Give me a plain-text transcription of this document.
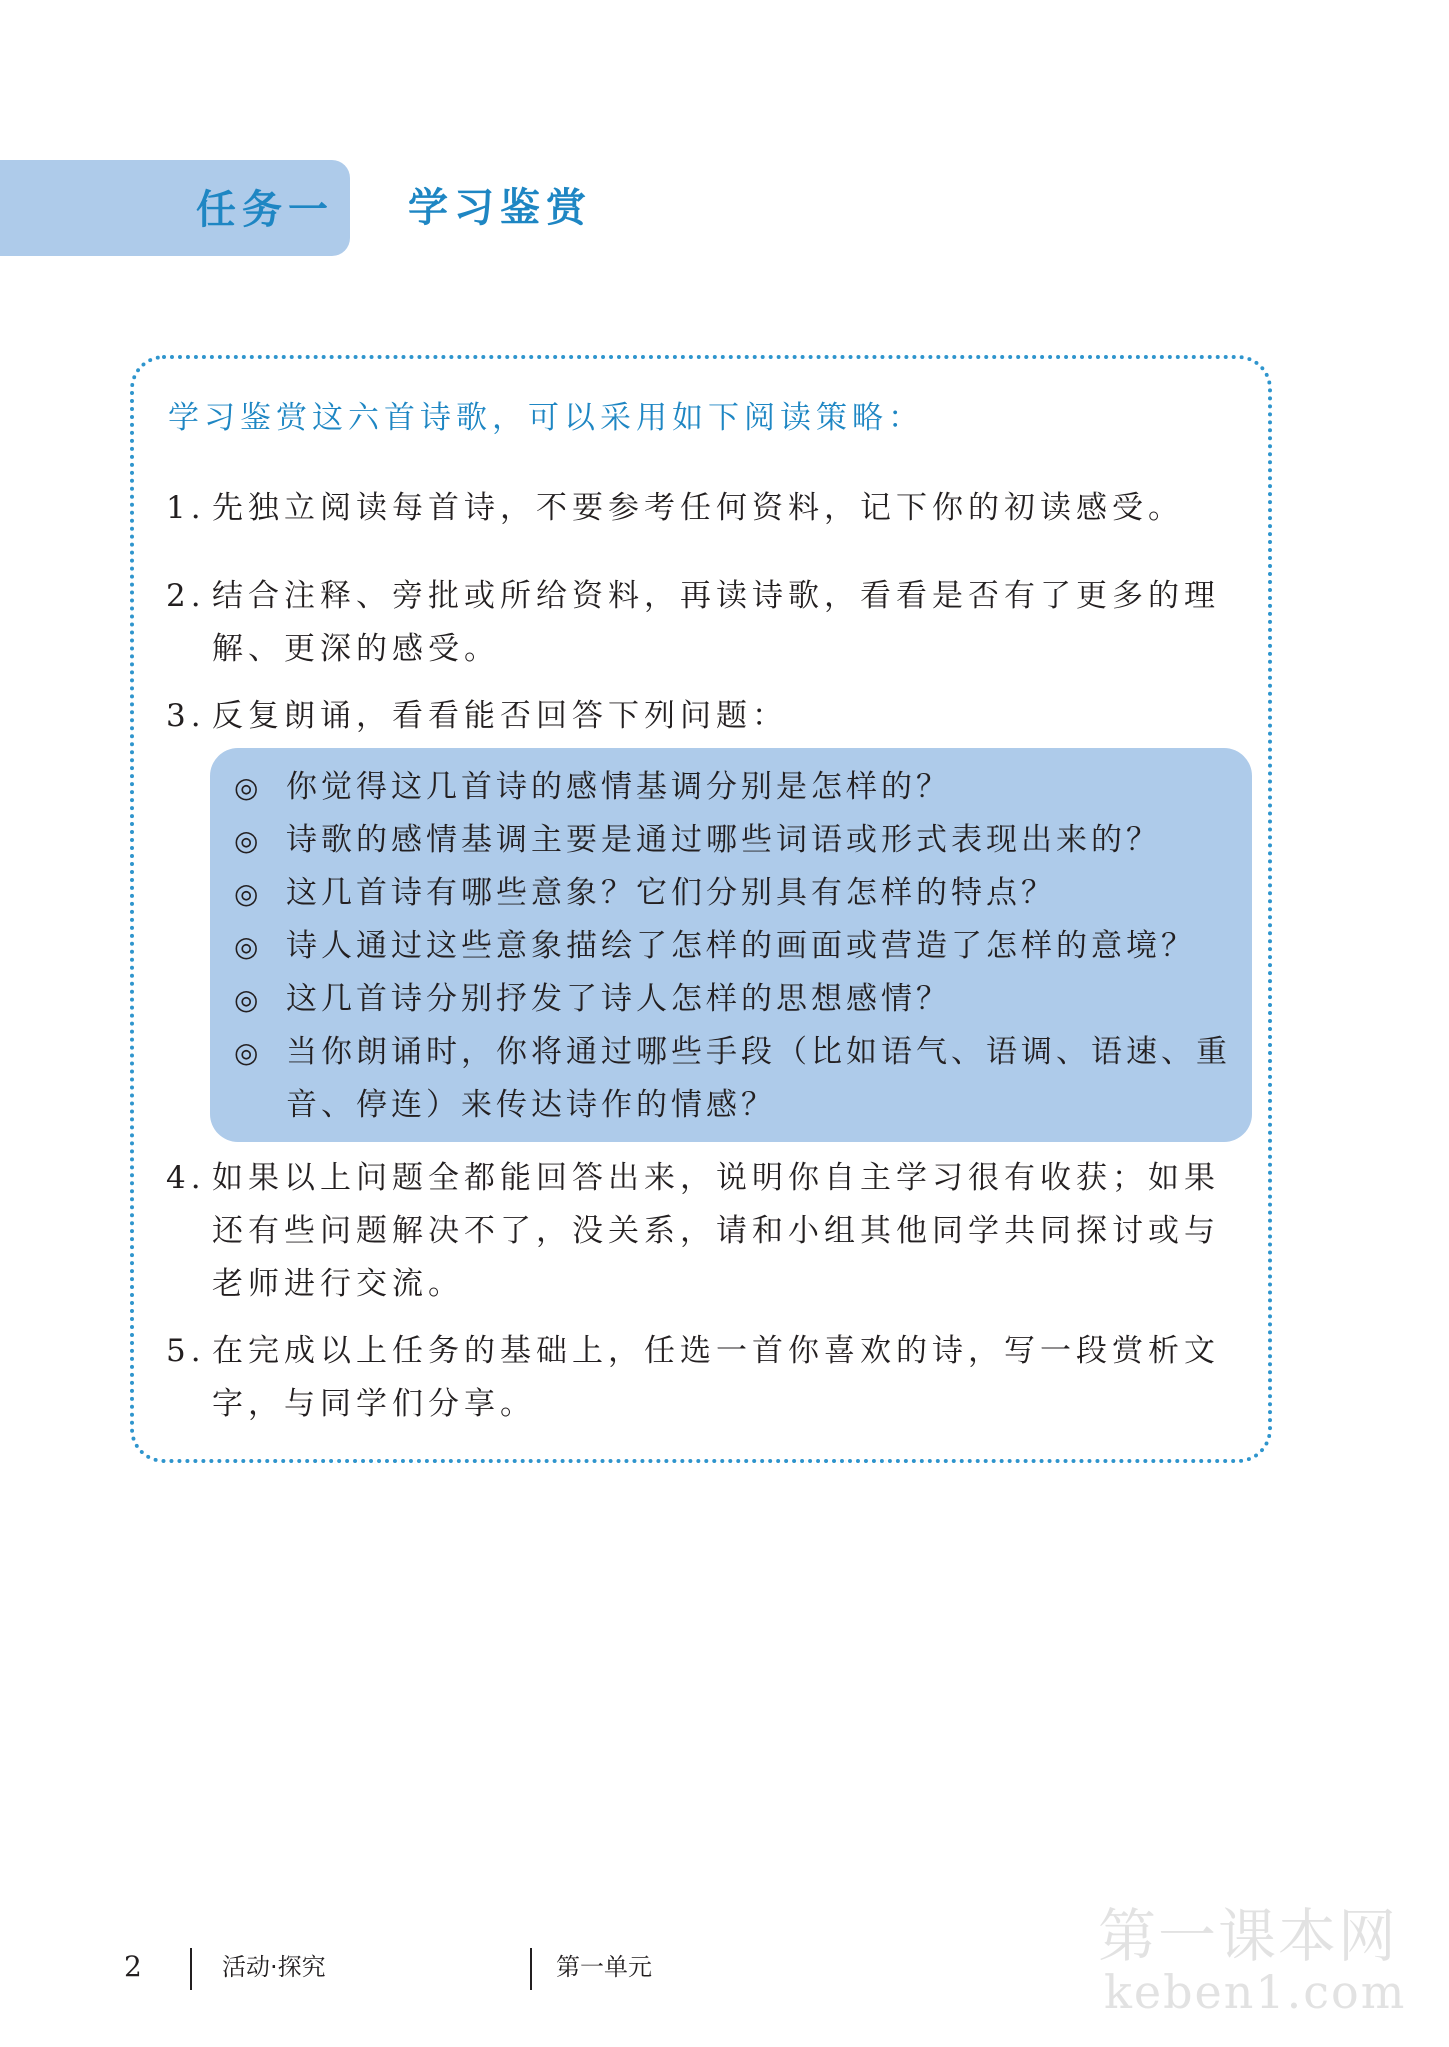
任务一 学习鉴赏
学习鉴赏这六首诗歌，可以采用如下阅读策略：
1. 先独立阅读每首诗，不要参考任何资料，记下你的初读感受。
2. 结合注释、旁批或所给资料，再读诗歌，看看是否有了更多的理解、更深的感受。
3. 反复朗诵，看看能否回答下列问题：
◎ 你觉得这几首诗的感情基调分别是怎样的？
◎ 诗歌的感情基调主要是通过哪些词语或形式表现出来的？
◎ 这几首诗有哪些意象？它们分别具有怎样的特点？
◎ 诗人通过这些意象描绘了怎样的画面或营造了怎样的意境？
◎ 这几首诗分别抒发了诗人怎样的思想感情？
◎ 当你朗诵时，你将通过哪些手段（比如语气、语调、语速、重音、停连）来传达诗作的情感？
4. 如果以上问题全都能回答出来，说明你自主学习很有收获；如果还有些问题解决不了，没关系，请和小组其他同学共同探讨或与老师进行交流。
5. 在完成以上任务的基础上，任选一首你喜欢的诗，写一段赏析文字，与同学们分享。
2	活动·探究	第一单元	第一课本网
keben1.com
